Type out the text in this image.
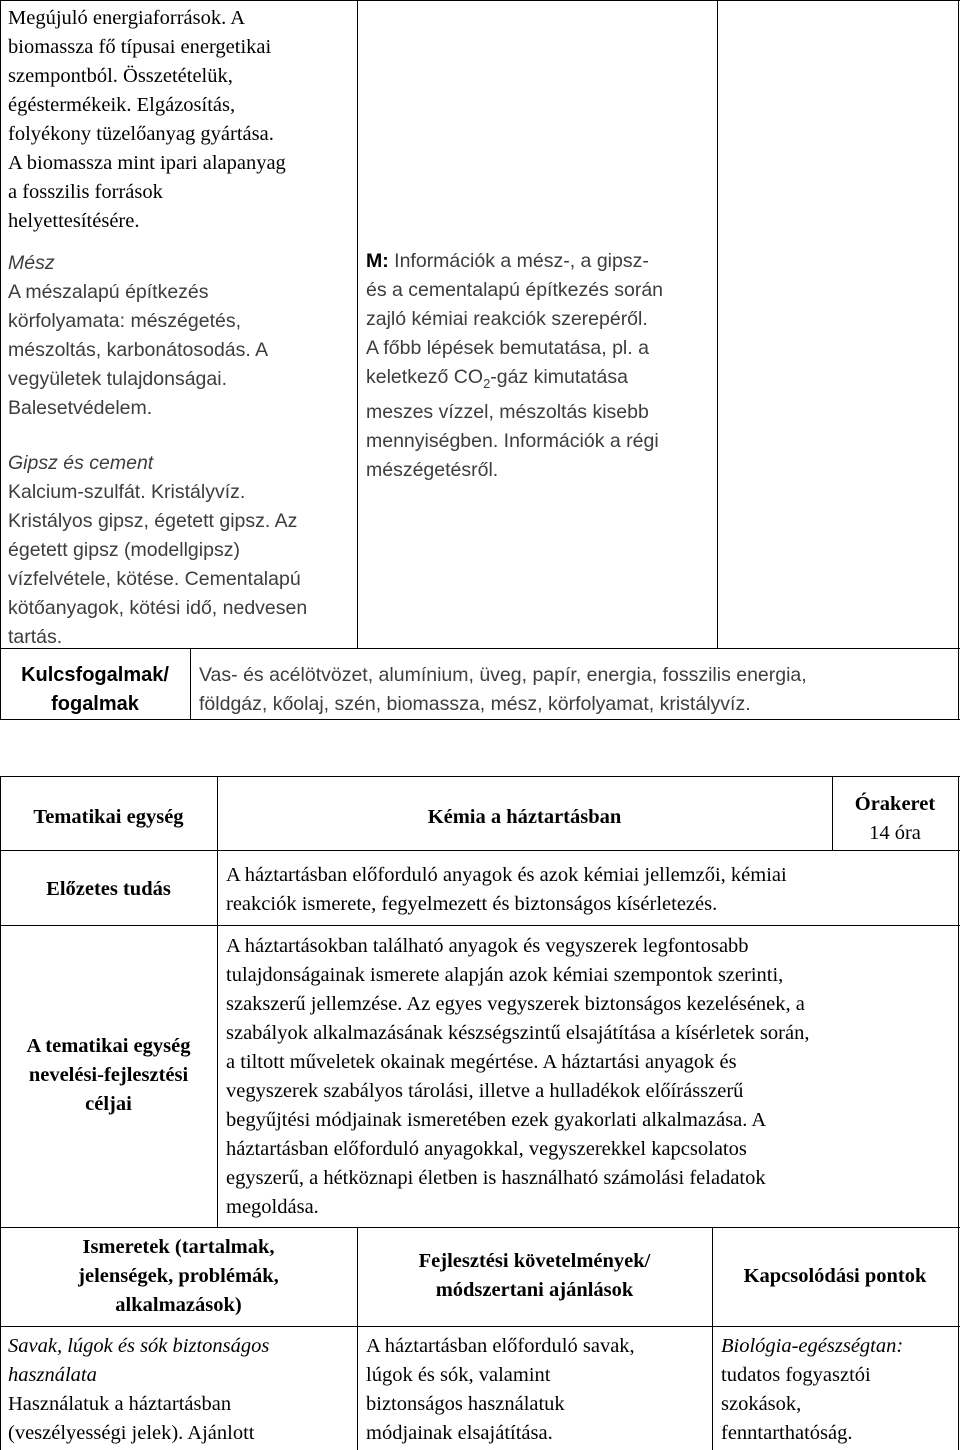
Megújuló energiaforrások. A
biomassza fő típusai energetikai
szempontból. Összetételük,
égéstermékeik. Elgázosítás,
folyékony tüzelőanyag gyártása.
A biomassza mint ipari alapanyag
a fosszilis források
helyettesítésére.
Mész
A mészalapú építkezés
körfolyamata: mészégetés,
mészoltás, karbonátosodás. A
vegyületek tulajdonságai.
Balesetvédelem.
Gipsz és cement
Kalcium-szulfát. Kristályvíz.
Kristályos gipsz, égetett gipsz. Az
égetett gipsz (modellgipsz)
vízfelvétele, kötése. Cementalapú
kötőanyagok, kötési idő, nedvesen
tartás.
M: Információk a mész-, a gipsz-
és a cementalapú építkezés során
zajló kémiai reakciók szerepéről.
A főbb lépések bemutatása, pl. a
keletkező $CO_2$-gáz kimutatása
meszes vízzel, mészoltás kisebb
mennyiségben. Információk a régi
mészégetésről.
Kulcsfogalmak/
fogalmak
Vas- és acélötvözet, alumínium, üveg, papír, energia, fosszilis energia,
földgáz, kőolaj, szén, biomassza, mész, körfolyamat, kristályvíz.
Tematikai egység	Kémia a háztartásban
Órakeret
14 óra
Előzetes tudás
A háztartásban előforduló anyagok és azok kémiai jellemzői, kémiai
reakciók ismerete, fegyelmezett és biztonságos kísérletezés.
A tematikai egység
nevelési-fejlesztési
céljai
A háztartásokban található anyagok és vegyszerek legfontosabb
tulajdonságainak ismerete alapján azok kémiai szempontok szerinti,
szakszerű jellemzése. Az egyes vegyszerek biztonságos kezelésének, a
szabályok alkalmazásának készségszintű elsajátítása a kísérletek során,
a tiltott műveletek okainak megértése. A háztartási anyagok és
vegyszerek szabályos tárolási, illetve a hulladékok előírásszerű
begyűjtési módjainak ismeretében ezek gyakorlati alkalmazása. A
háztartásban előforduló anyagokkal, vegyszerekkel kapcsolatos
egyszerű, a hétköznapi életben is használható számolási feladatok
megoldása.
Ismeretek (tartalmak,
jelenségek, problémák,
alkalmazások)
Fejlesztési követelmények/
módszertani ajánlások
Kapcsolódási pontok
Savak, lúgok és sók biztonságos
használata
Használatuk a háztartásban
(veszélyességi jelek). Ajánlott
A háztartásban előforduló savak,
lúgok és sók, valamint
biztonságos használatuk
módjainak elsajátítása.
Biológia-egészségtan:
tudatos fogyasztói
szokások,
fenntarthatóság.
